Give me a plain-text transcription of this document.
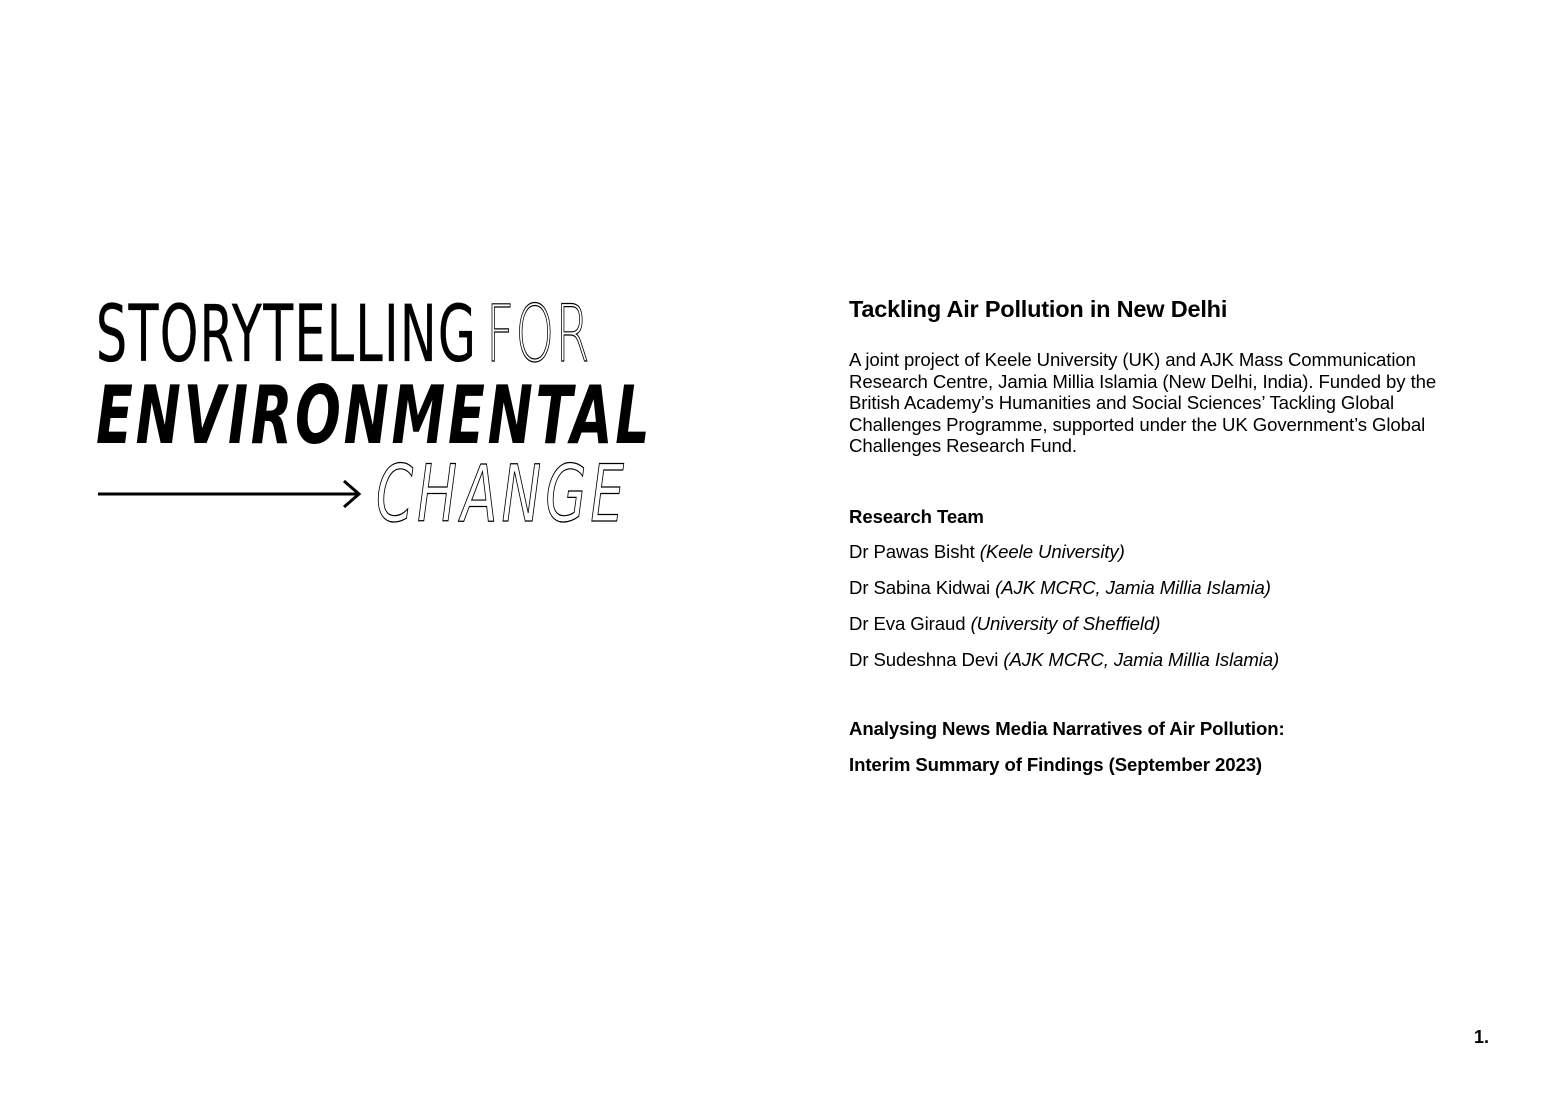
STORYTELLING FOR
ENVIRONMENTAL
CHANGE
Tackling Air Pollution in New Delhi

A joint project of Keele University (UK) and AJK Mass Communication Research Centre, Jamia Millia Islamia (New Delhi, India). Funded by the British Academy’s Humanities and Social Sciences’ Tackling Global Challenges Programme, supported under the UK Government’s Global Challenges Research Fund.

Research Team
Dr Pawas Bisht (Keele University)
Dr Sabina Kidwai (AJK MCRC, Jamia Millia Islamia)
Dr Eva Giraud (University of Sheffield)
Dr Sudeshna Devi (AJK MCRC, Jamia Millia Islamia)

Analysing News Media Narratives of Air Pollution:

Interim Summary of Findings (September 2023)

1.
